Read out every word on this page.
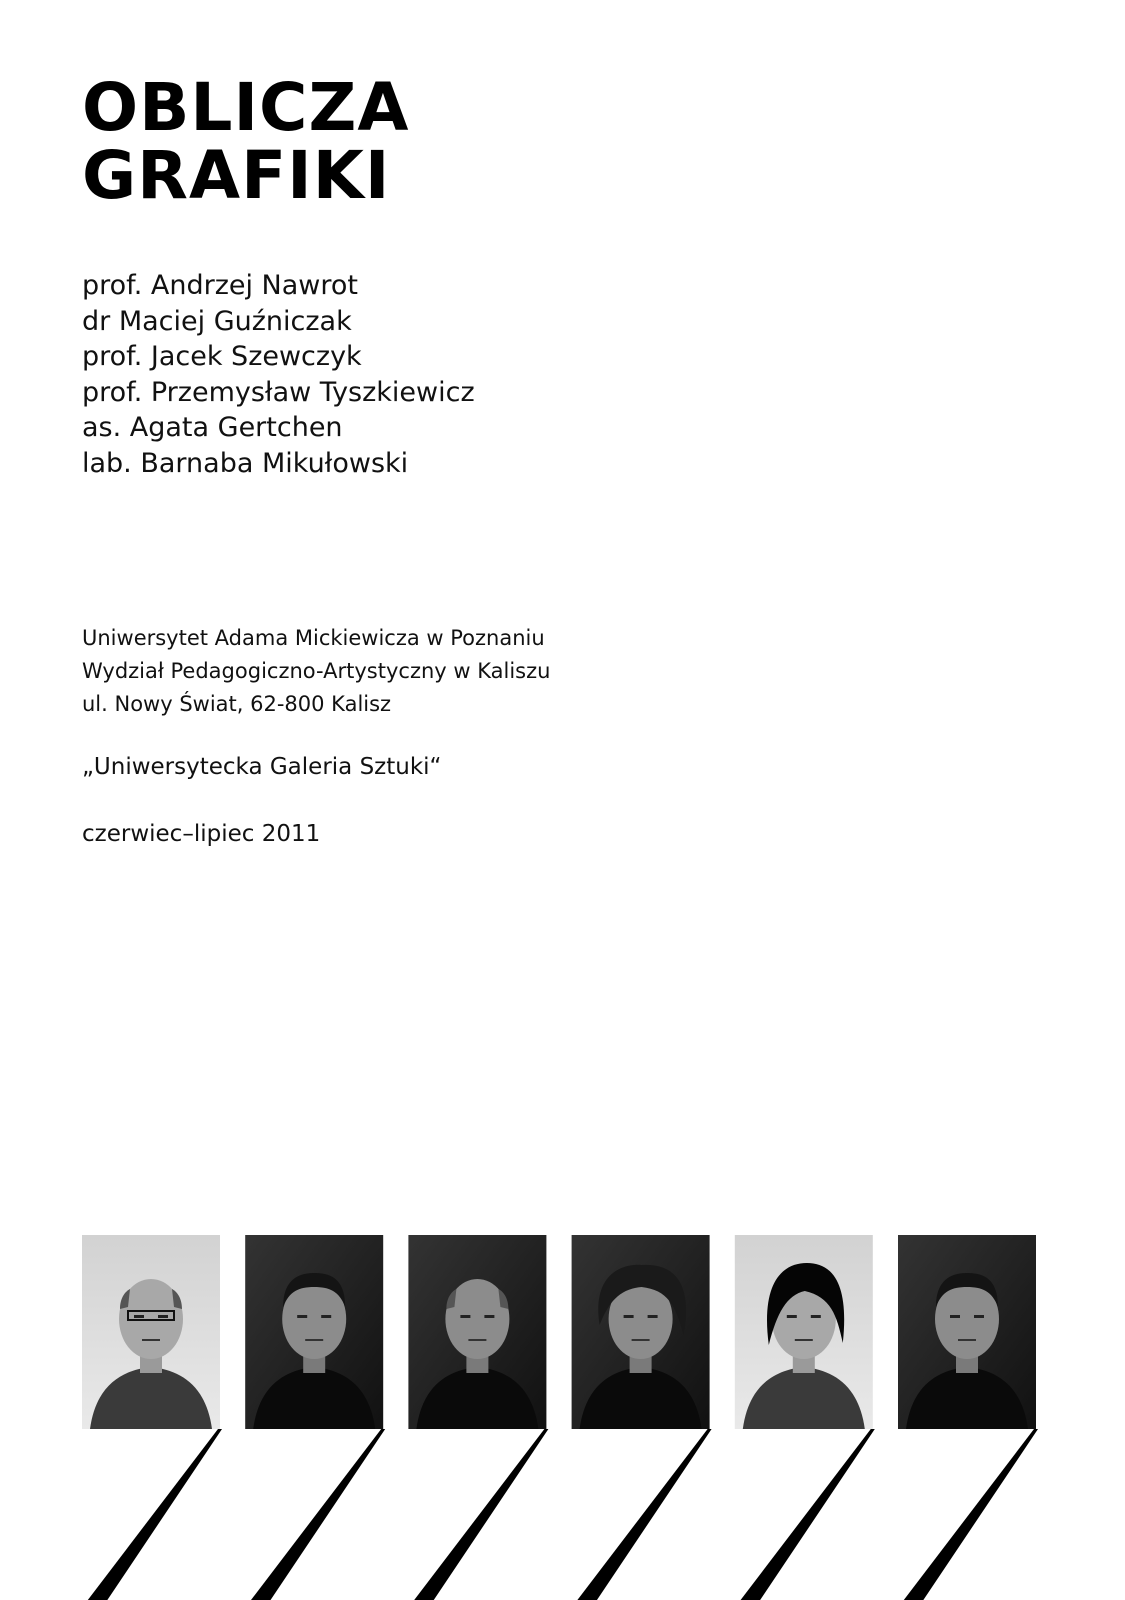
OBLICZA
GRAFIKI
prof. Andrzej Nawrot
dr Maciej Guźniczak
prof. Jacek Szewczyk
prof. Przemysław Tyszkiewicz
as. Agata Gertchen
lab. Barnaba Mikułowski
Uniwersytet Adama Mickiewicza w Poznaniu
Wydział Pedagogiczno-Artystyczny w Kaliszu
ul. Nowy Świat, 62-800 Kalisz
„Uniwersytecka Galeria Sztuki“
czerwiec–lipiec 2011
